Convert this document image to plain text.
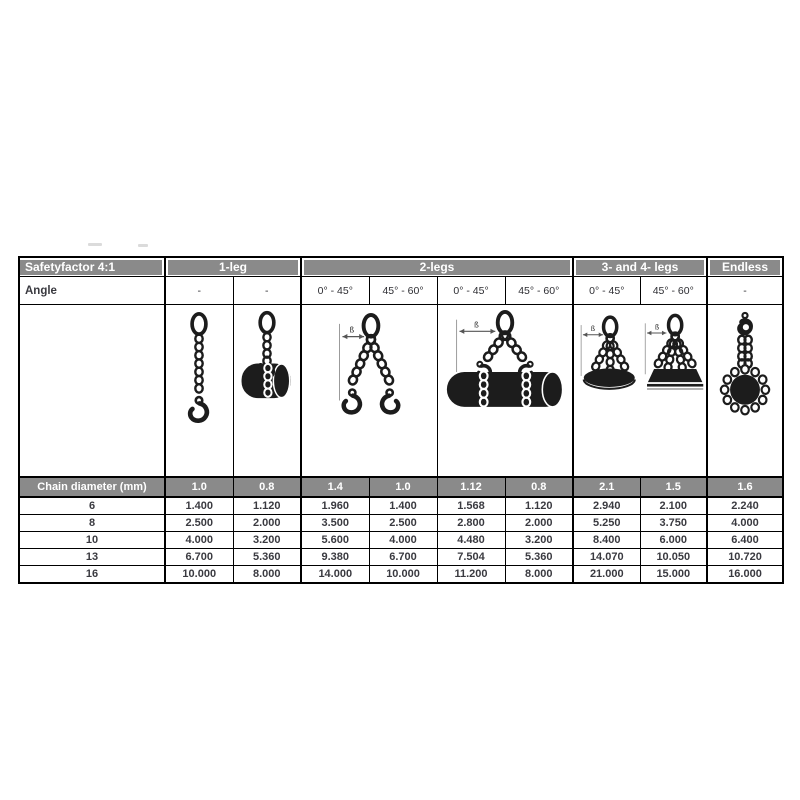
Safetyfactor 4:1	1-leg		2-legs				3- and 4- legs		Endless

Angle	-	-	0° - 45°	45° - 60°	0° - 45°	45° - 60°	0° - 45°	45° - 60°	-

ß		ß		ß ß

Chain diameter (mm)	1.0	0.8	1.4	1.0	1.12	0.8	2.1	1.5	1.6
6	1.400	1.120	1.960	1.400	1.568	1.120	2.940	2.100	2.240
8	2.500	2.000	3.500	2.500	2.800	2.000	5.250	3.750	4.000
10	4.000	3.200	5.600	4.000	4.480	3.200	8.400	6.000	6.400
13	6.700	5.360	9.380	6.700	7.504	5.360	14.070	10.050	10.720
16	10.000	8.000	14.000	10.000	11.200	8.000	21.000	15.000	16.000
